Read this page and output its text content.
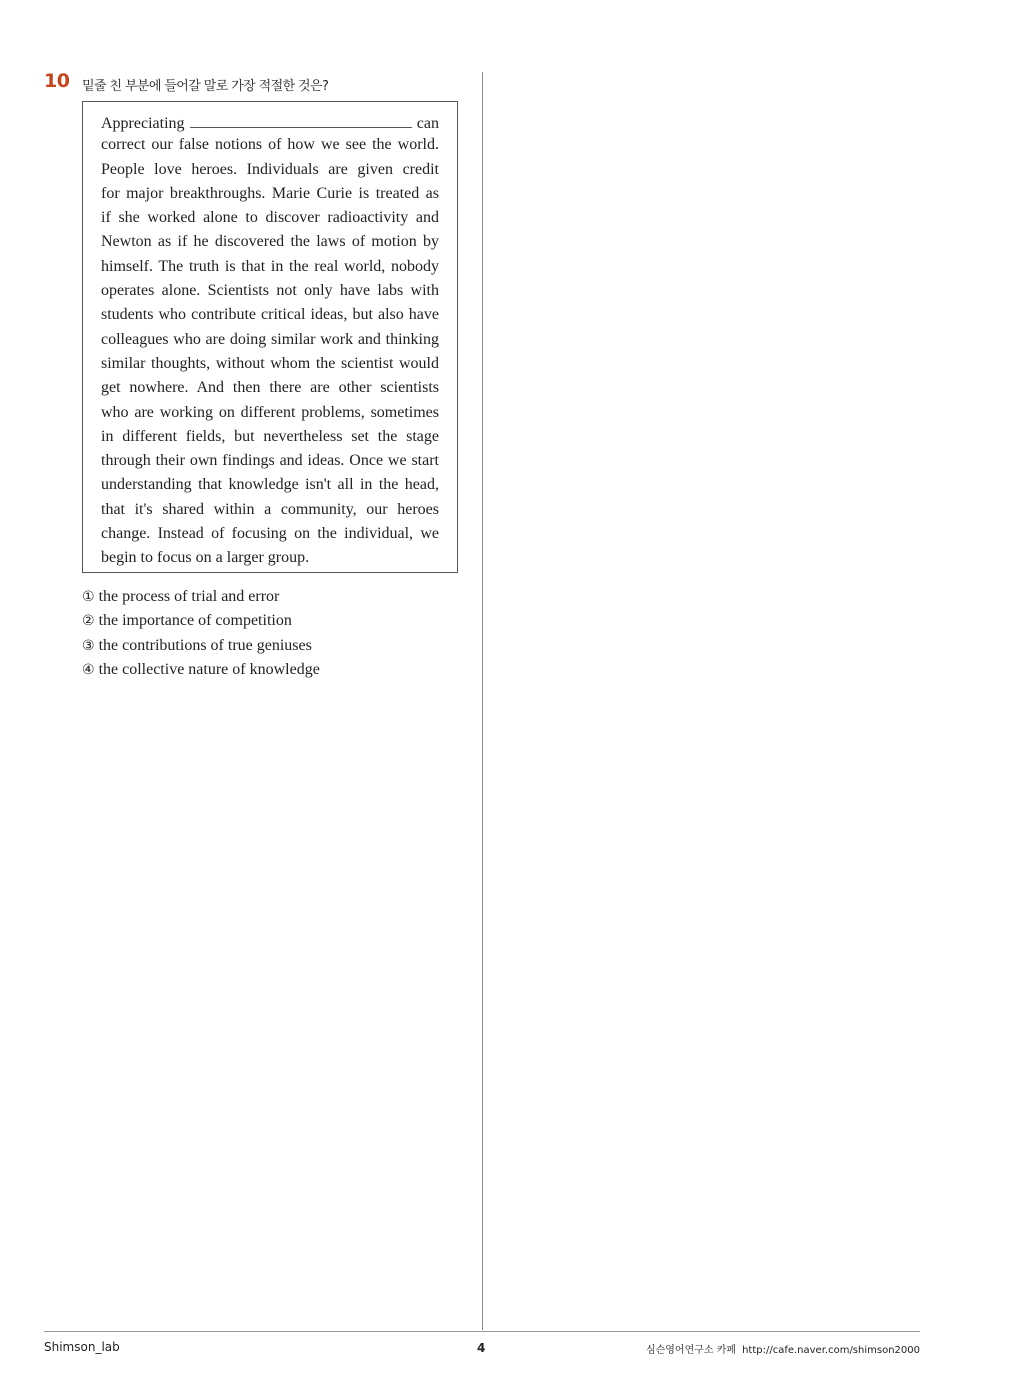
10 밑줄 친 부분에 들어갈 말로 가장 적절한 것은?
Appreciating	can
correct our false notions of how we see the world.
People love heroes. Individuals are given credit
for major breakthroughs. Marie Curie is treated as
if she worked alone to discover radioactivity and
Newton as if he discovered the laws of motion by
himself. The truth is that in the real world, nobody
operates alone. Scientists not only have labs with
students who contribute critical ideas, but also have
colleagues who are doing similar work and thinking
similar thoughts, without whom the scientist would
get nowhere. And then there are other scientists
who are working on different problems, sometimes
in different fields, but nevertheless set the stage
through their own findings and ideas. Once we start
understanding that knowledge isn't all in the head,
that it's shared within a community, our heroes
change. Instead of focusing on the individual, we
begin to focus on a larger group.
① the process of trial and error
② the importance of competition
③ the contributions of true geniuses
④ the collective nature of knowledge
Shimson_lab	4	심슨영어연구소 카페 http://cafe.naver.com/shimson2000
